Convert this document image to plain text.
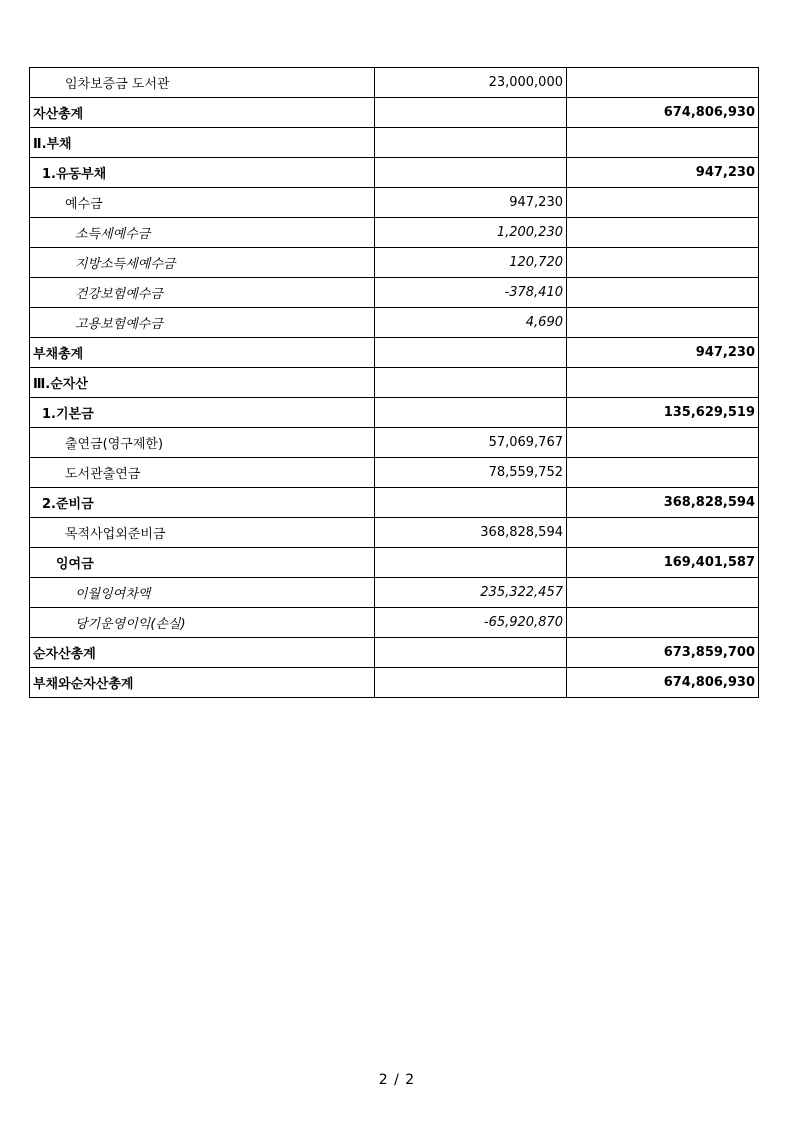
임차보증금 도서관	23,000,000	
자산총계		674,806,930
Ⅱ.부채		
1.유동부채		947,230
예수금	947,230	
소득세예수금	1,200,230	
지방소득세예수금	120,720	
건강보험예수금	-378,410	
고용보험예수금	4,690	
부채총계		947,230
Ⅲ.순자산		
1.기본금		135,629,519
출연금(영구제한)	57,069,767	
도서관출연금	78,559,752	
2.준비금		368,828,594
목적사업외준비금	368,828,594	
잉여금		169,401,587
이월잉여차액	235,322,457	
당기운영이익(손실)	-65,920,870	
순자산총계		673,859,700
부채와순자산총계		674,806,930
2 / 2
